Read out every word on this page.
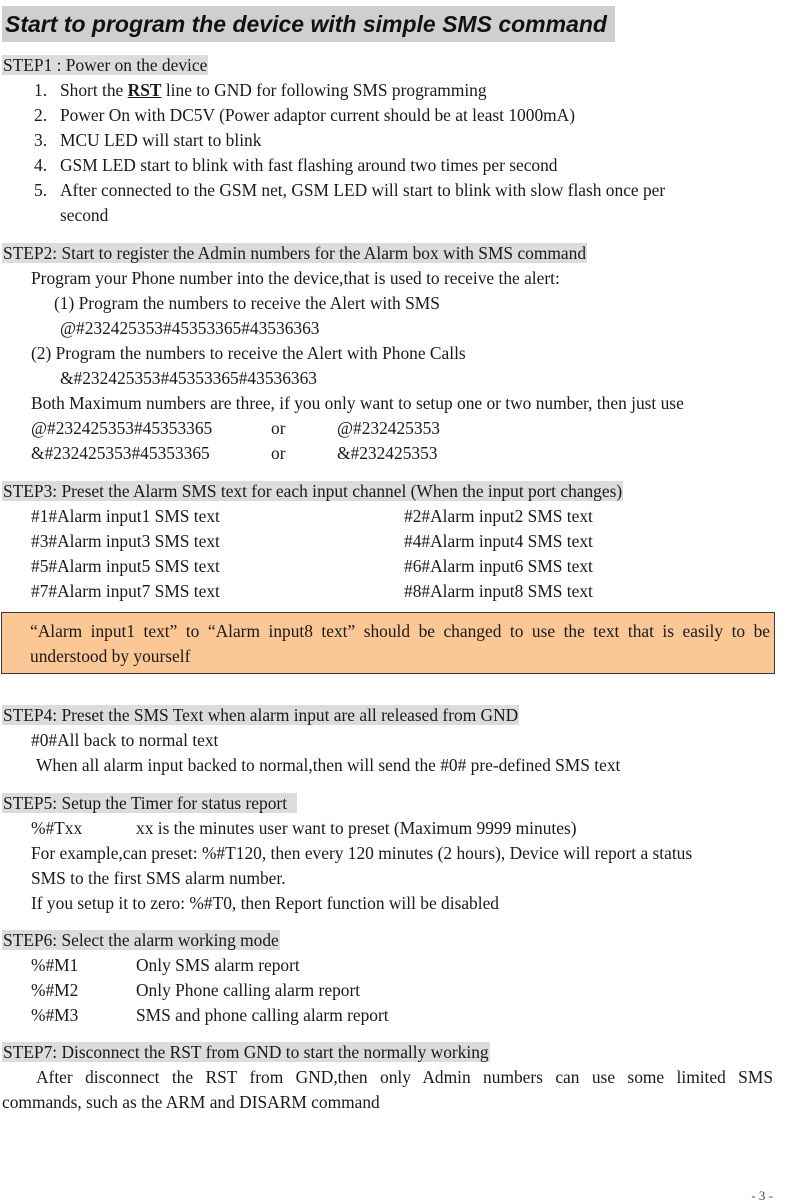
Start to program the device with simple SMS command
STEP1 : Power on the device
1. Short the RST line to GND for following SMS programming
2. Power On with DC5V (Power adaptor current should be at least 1000mA)
3. MCU LED will start to blink
4. GSM LED start to blink with fast flashing around two times per second
5. After connected to the GSM net, GSM LED will start to blink with slow flash once per
second
STEP2: Start to register the Admin numbers for the Alarm box with SMS command
Program your Phone number into the device,that is used to receive the alert:
(1) Program the numbers to receive the Alert with SMS
@#232425353#45353365#43536363
(2) Program the numbers to receive the Alert with Phone Calls
&#232425353#45353365#43536363
Both Maximum numbers are three, if you only want to setup one or two number, then just use
@#232425353#45353365	or	@#232425353
&#232425353#45353365	or	&#232425353
STEP3: Preset the Alarm SMS text for each input channel (When the input port changes)
#1#Alarm input1 SMS text	#2#Alarm input2 SMS text
#3#Alarm input3 SMS text	#4#Alarm input4 SMS text
#5#Alarm input5 SMS text	#6#Alarm input6 SMS text
#7#Alarm input7 SMS text	#8#Alarm input8 SMS text
“Alarm input1 text” to “Alarm input8 text” should be changed to use the text that is easily to be
understood by yourself
STEP4: Preset the SMS Text when alarm input are all released from GND
#0#All back to normal text
When all alarm input backed to normal,then will send the #0# pre-defined SMS text
STEP5: Setup the Timer for status report
%#Txx	xx is the minutes user want to preset (Maximum 9999 minutes)
For example,can preset: %#T120, then every 120 minutes (2 hours), Device will report a status
SMS to the first SMS alarm number.
If you setup it to zero: %#T0, then Report function will be disabled
STEP6: Select the alarm working mode
%#M1	Only SMS alarm report
%#M2	Only Phone calling alarm report
%#M3	SMS and phone calling alarm report
STEP7: Disconnect the RST from GND to start the normally working
After disconnect the RST from GND,then only Admin numbers can use some limited SMS
commands, such as the ARM and DISARM command
- 3 -
